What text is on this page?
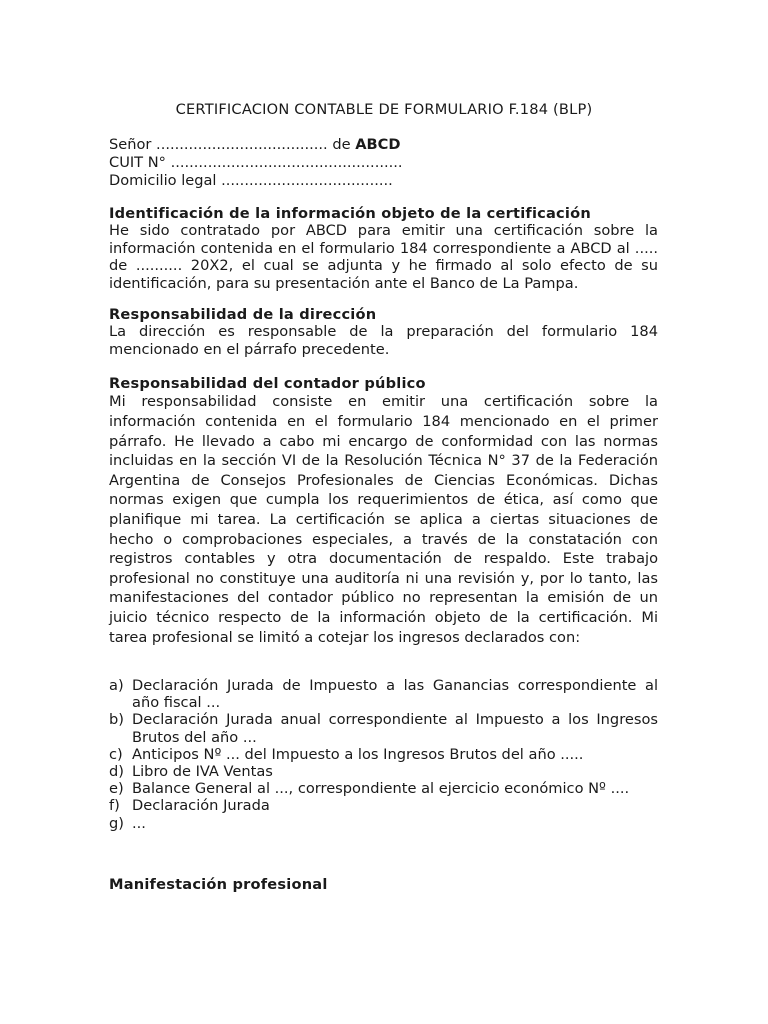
CERTIFICACION CONTABLE DE FORMULARIO F.184 (BLP)
Señor ..................................... de ABCD
CUIT N° ..................................................
Domicilio legal .....................................
Identificación de la información objeto de la certificación

He sido contratado por ABCD para emitir una certificación sobre la información contenida en el formulario 184 correspondiente a ABCD al ..... de .......... 20X2, el cual se adjunta y he firmado al solo efecto de su identificación, para su presentación ante el Banco de La Pampa.

Responsabilidad de la dirección

La dirección es responsable de la preparación del formulario 184 mencionado en el párrafo precedente.

Responsabilidad del contador público

Mi responsabilidad consiste en emitir una certificación sobre la información contenida en el formulario 184 mencionado en el primer párrafo. He llevado a cabo mi encargo de conformidad con las normas incluidas en la sección VI de la Resolución Técnica N° 37 de la Federación Argentina de Consejos Profesionales de Ciencias Económicas. Dichas normas exigen que cumpla los requerimientos de ética, así como que planifique mi tarea. La certificación se aplica a ciertas situaciones de hecho o comprobaciones especiales, a través de la constatación con registros contables y otra documentación de respaldo. Este trabajo profesional no constituye una auditoría ni una revisión y, por lo tanto, las manifestaciones del contador público no representan la emisión de un juicio técnico respecto de la información objeto de la certificación. Mi tarea profesional se limitó a cotejar los ingresos declarados con:

a) Declaración Jurada de Impuesto a las Ganancias correspondiente al año fiscal ...
b) Declaración Jurada anual correspondiente al Impuesto a los Ingresos Brutos del año ...
c) Anticipos Nº ... del Impuesto a los Ingresos Brutos del año .....
d) Libro de IVA Ventas
e) Balance General al ..., correspondiente al ejercicio económico Nº ....
f) Declaración Jurada
g) ...
Manifestación profesional
